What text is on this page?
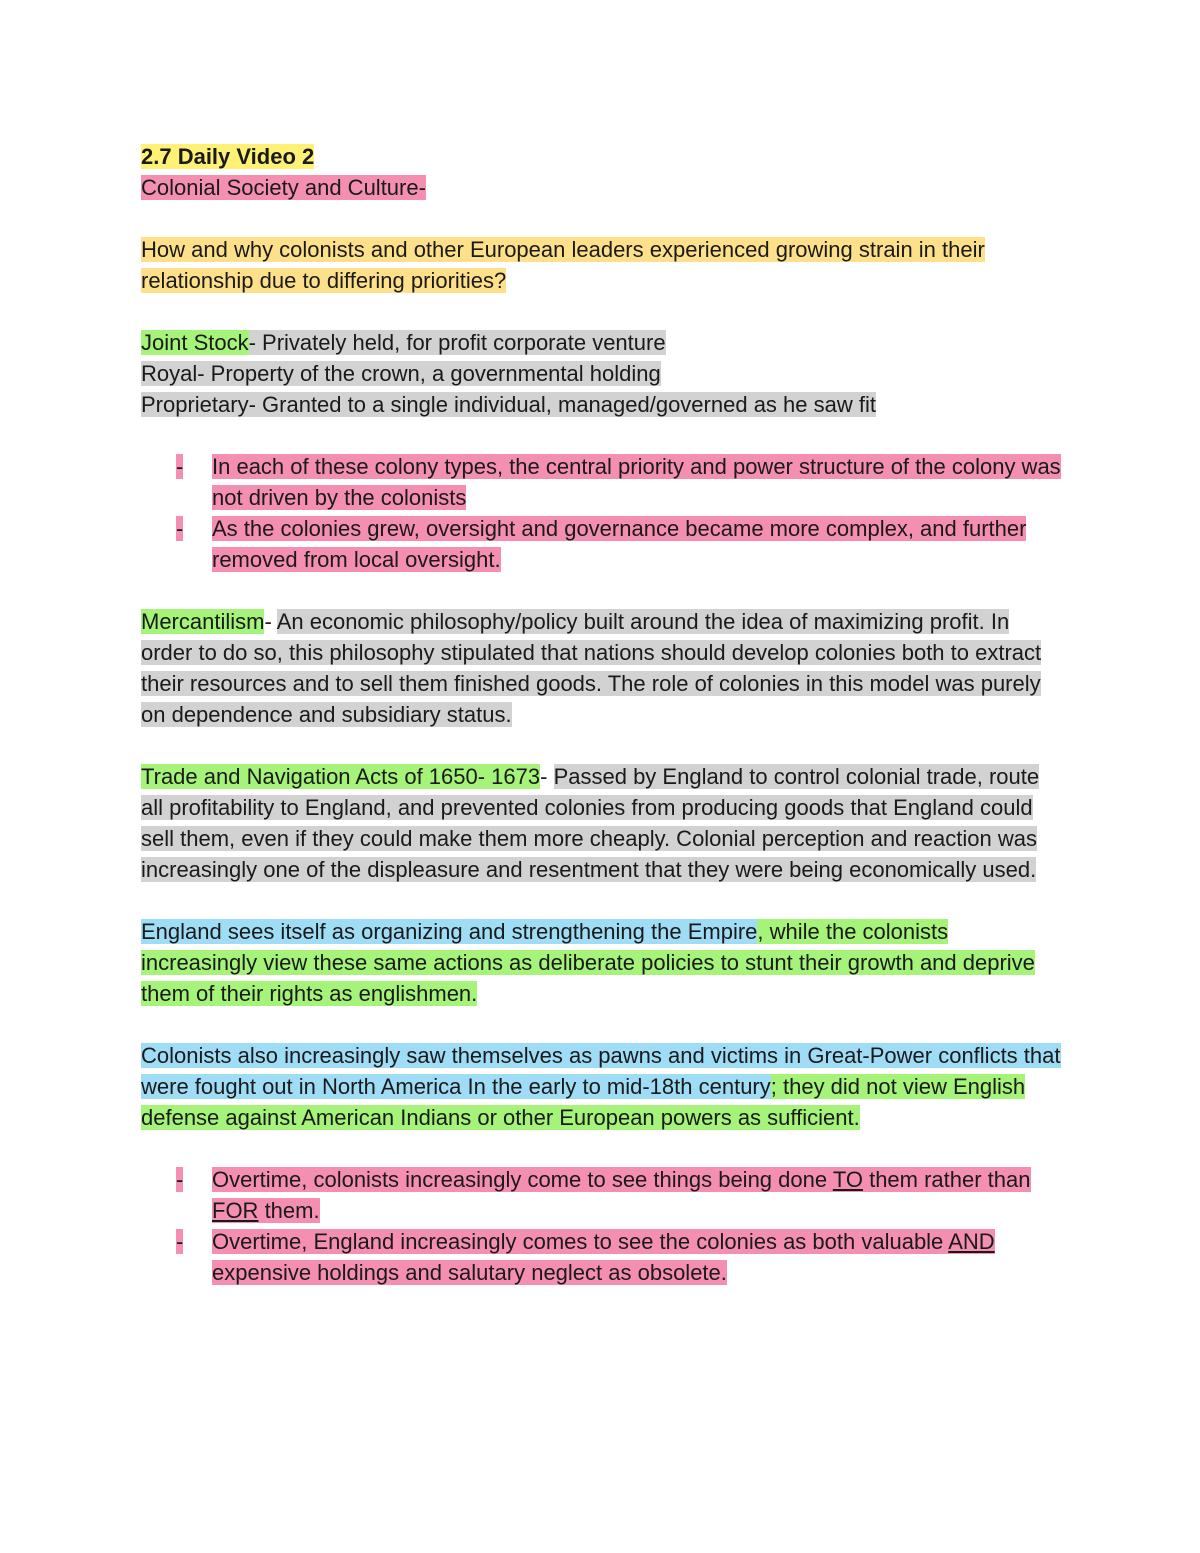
2.7 Daily Video 2

Colonial Society and Culture-

How and why colonists and other European leaders experienced growing strain in their relationship due to differing priorities?

Joint Stock- Privately held, for profit corporate venture

Royal- Property of the crown, a governmental holding

Proprietary- Granted to a single individual, managed/governed as he saw fit

-	In each of these colony types, the central priority and power structure of the colony was not driven by the colonists
-	As the colonies grew, oversight and governance became more complex, and further removed from local oversight.

Mercantilism- An economic philosophy/policy built around the idea of maximizing profit. In order to do so, this philosophy stipulated that nations should develop colonies both to extract their resources and to sell them finished goods. The role of colonies in this model was purely on dependence and subsidiary status.

Trade and Navigation Acts of 1650- 1673- Passed by England to control colonial trade, route all profitability to England, and prevented colonies from producing goods that England could sell them, even if they could make them more cheaply. Colonial perception and reaction was increasingly one of the displeasure and resentment that they were being economically used.

England sees itself as organizing and strengthening the Empire, while the colonists increasingly view these same actions as deliberate policies to stunt their growth and deprive them of their rights as englishmen.

Colonists also increasingly saw themselves as pawns and victims in Great-Power conflicts that were fought out in North America In the early to mid-18th century; they did not view English defense against American Indians or other European powers as sufficient.

-	Overtime, colonists increasingly come to see things being done TO them rather than FOR them.
-	Overtime, England increasingly comes to see the colonies as both valuable AND expensive holdings and salutary neglect as obsolete.
